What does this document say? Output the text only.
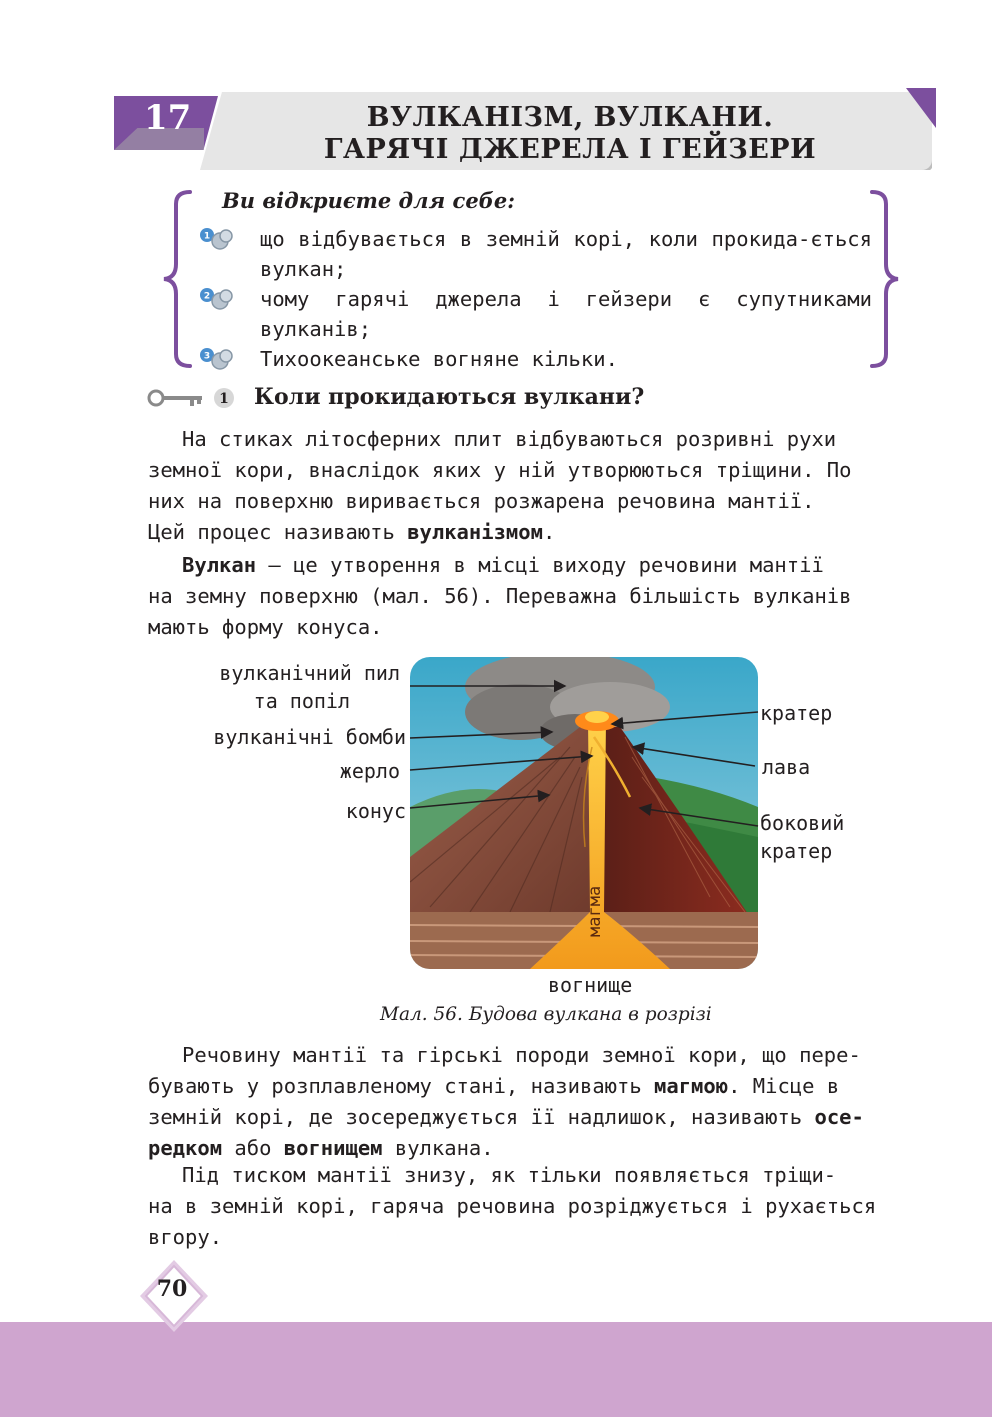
17	ВУЛКАНІЗМ, ВУЛКАНИ.
ГАРЯЧІ ДЖЕРЕЛА І ГЕЙЗЕРИ
Ви відкриєте для себе:
1 що відбувається в земній корі, коли прокида-ється вулкан;
2 чому гарячі джерела і гейзери є супутниками вулканів;
3 Тихоокеанське вогняне кільки.
1 Коли прокидаються вулкани?
На стиках літосферних плит відбуваються розривні рухи
земної кори, внаслідок яких у ній утворюються тріщини. По
них на поверхню виривається розжарена речовина мантії.
Цей процес називають вулканізмом.
Вулкан — це утворення в місці виходу речовини мантії
на земну поверхню (мал. 56). Переважна більшість вулканів
мають форму конуса.
магма
вулканічний пил
та попіл
вулканічні бомби
жерло
конус
кратер
лава
боковий
кратер
вогнище
Мал. 56. Будова вулкана в розрізі
Речовину мантії та гірські породи земної кори, що пере-
бувають у розплавленому стані, називають магмою. Місце в
земній корі, де зосереджується її надлишок, називають осе-
редком або вогнищем вулкана.
Під тиском мантії знизу, як тільки появляється тріщи-
на в земній корі, гаряча речовина розріджується і рухається
вгору.
70
